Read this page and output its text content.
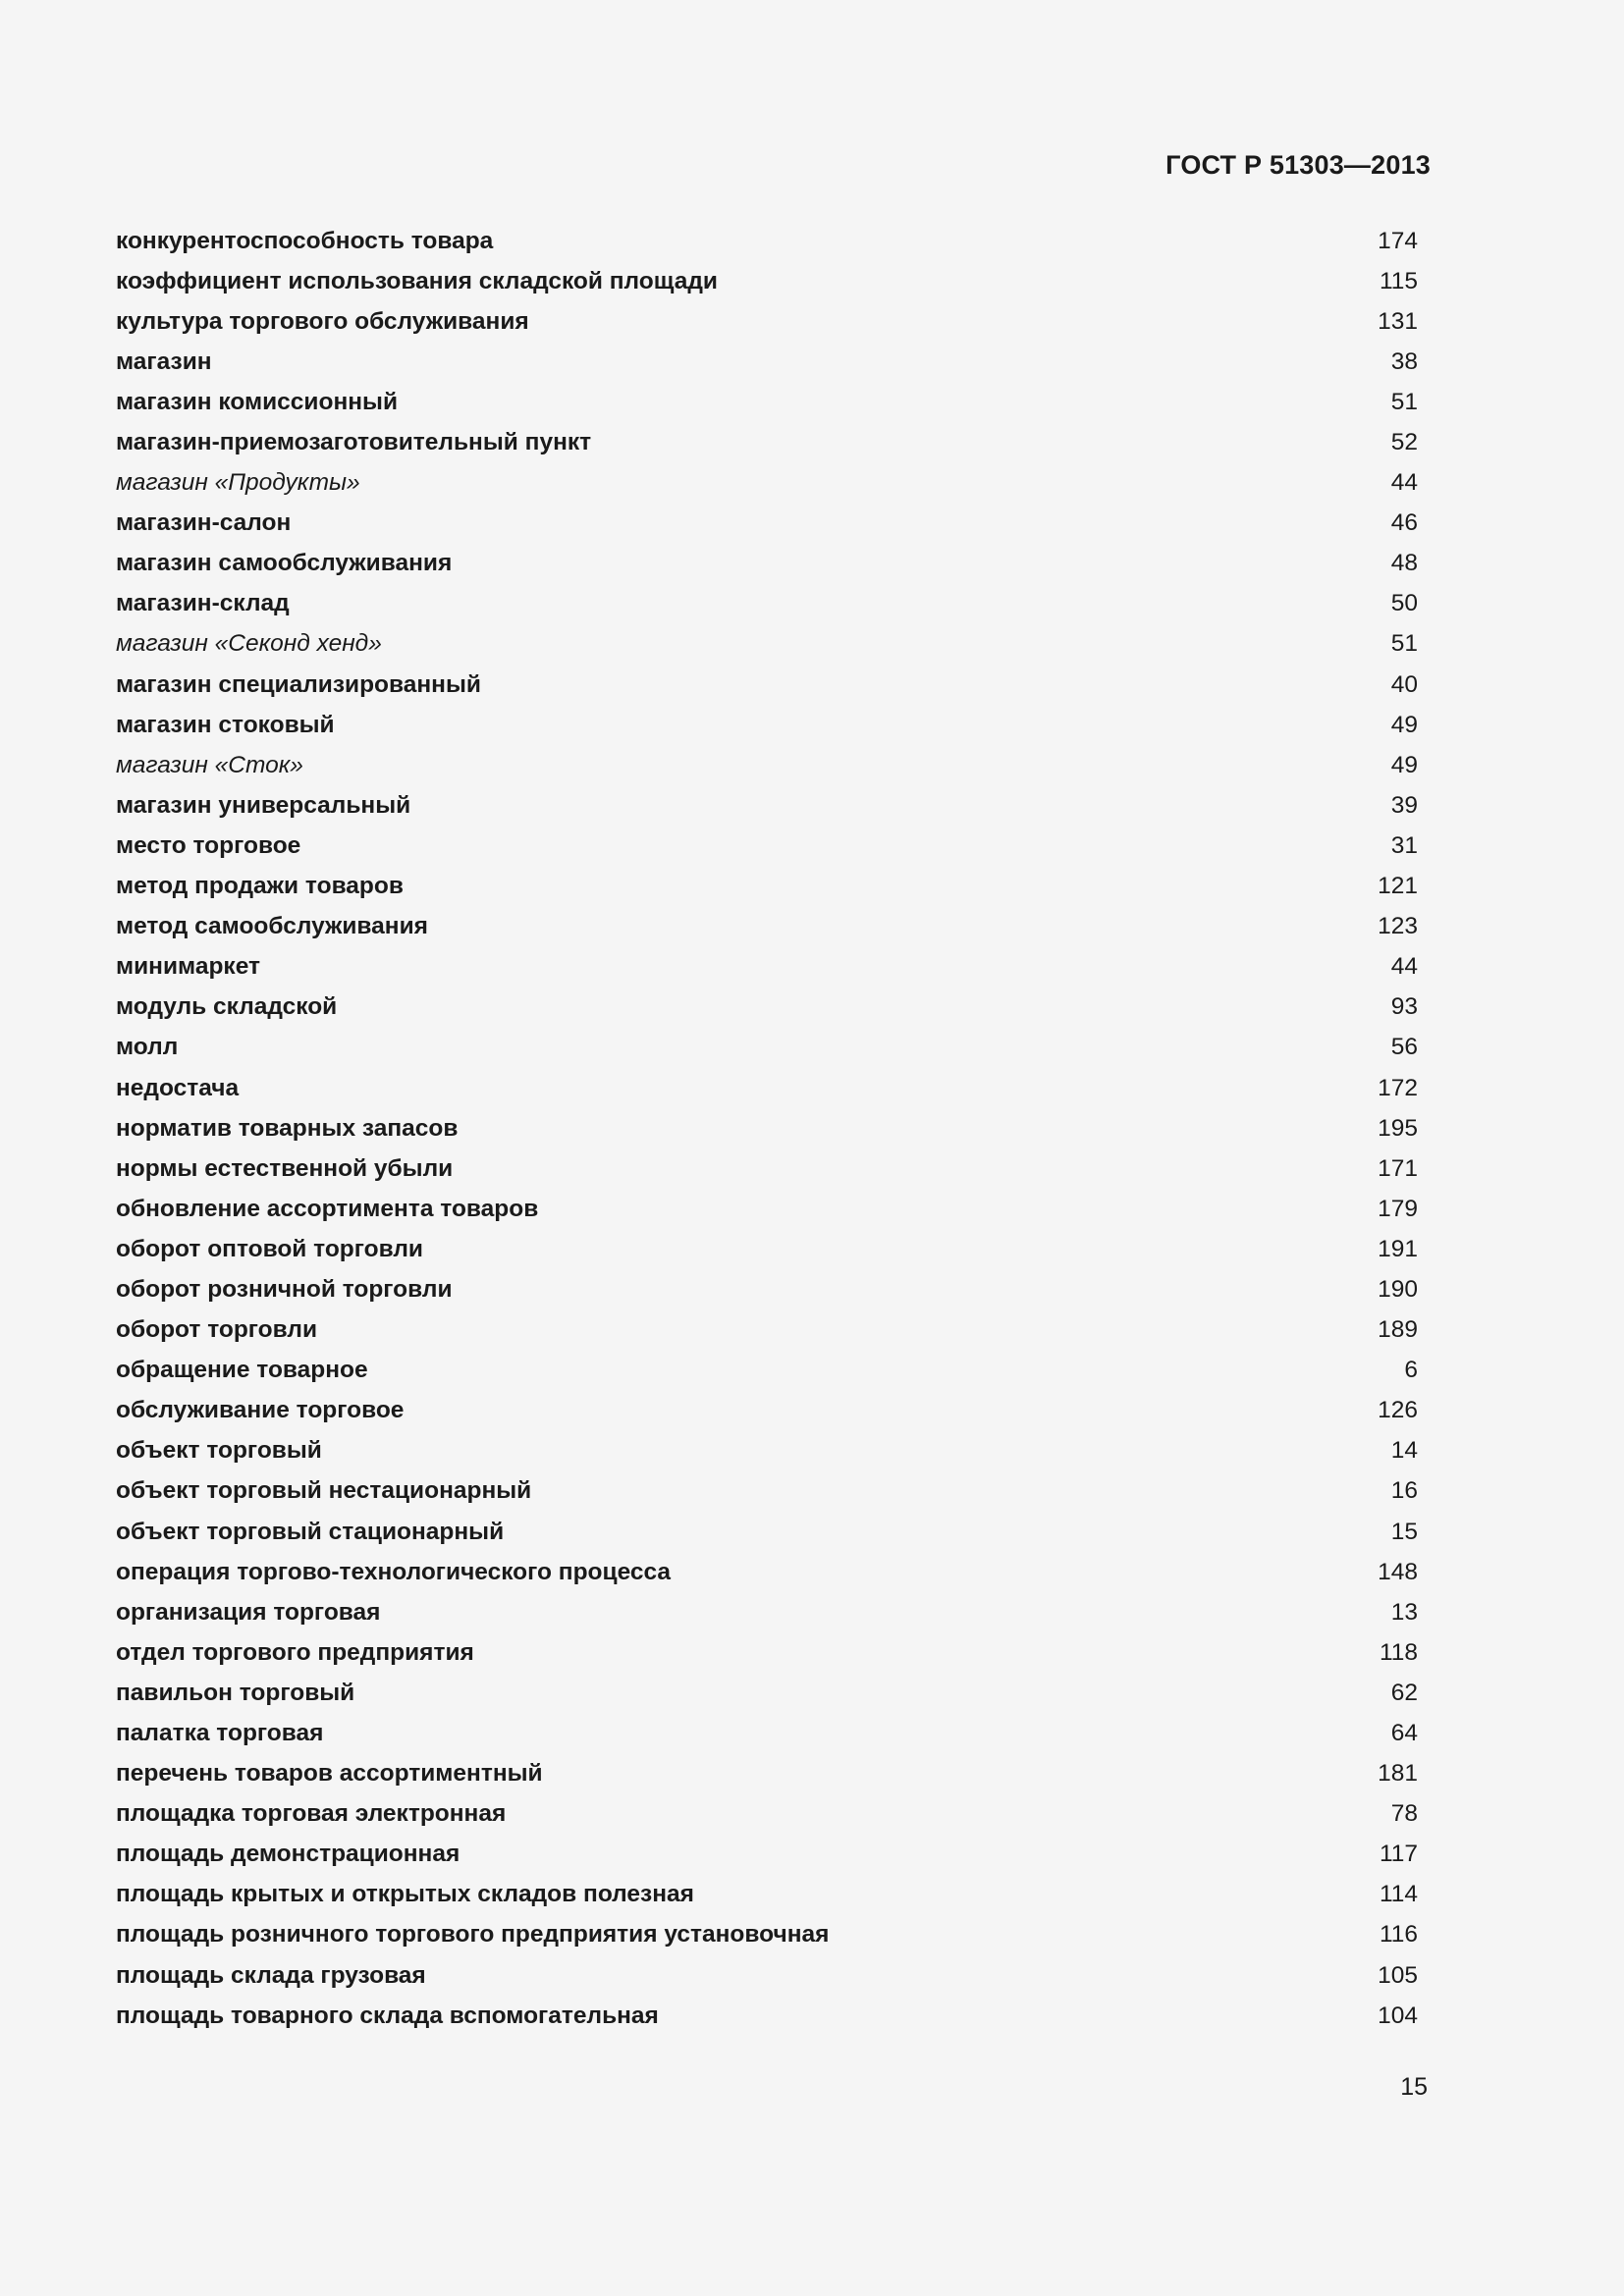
ГОСТ Р 51303—2013
конкурентоспособность товара	174
коэффициент использования складской площади	115
культура торгового обслуживания	131
магазин	38
магазин комиссионный	51
магазин-приемозаготовительный пункт	52
магазин «Продукты»	44
магазин-салон	46
магазин самообслуживания	48
магазин-склад	50
магазин «Секонд хенд»	51
магазин специализированный	40
магазин стоковый	49
магазин «Сток»	49
магазин универсальный	39
место торговое	31
метод продажи товаров	121
метод самообслуживания	123
минимаркет	44
модуль складской	93
молл	56
недостача	172
норматив товарных запасов	195
нормы естественной убыли	171
обновление ассортимента товаров	179
оборот оптовой торговли	191
оборот розничной торговли	190
оборот торговли	189
обращение товарное	6
обслуживание торговое	126
объект торговый	14
объект торговый нестационарный	16
объект торговый стационарный	15
операция торгово-технологического процесса	148
организация торговая	13
отдел торгового предприятия	118
павильон торговый	62
палатка торговая	64
перечень товаров ассортиментный	181
площадка торговая электронная	78
площадь демонстрационная	117
площадь крытых и открытых складов полезная	114
площадь розничного торгового предприятия установочная	116
площадь склада грузовая	105
площадь товарного склада вспомогательная	104
15
